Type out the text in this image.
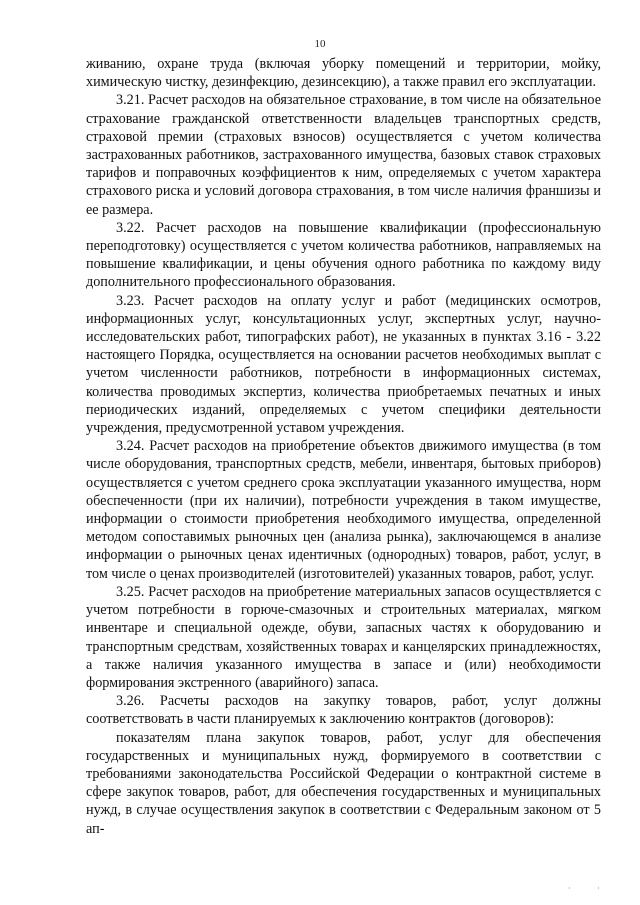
10

живанию, охране труда (включая уборку помещений и территории, мойку, химическую чистку, дезинфекцию, дезинсекцию), а также правил его эксплуатации.

3.21. Расчет расходов на обязательное страхование, в том числе на обязательное страхование гражданской ответственности владельцев транспортных средств, страховой премии (страховых взносов) осуществляется с учетом количества застрахованных работников, застрахованного имущества, базовых ставок страховых тарифов и поправочных коэффициентов к ним, определяемых с учетом характера страхового риска и условий договора страхования, в том числе наличия франшизы и ее размера.

3.22. Расчет расходов на повышение квалификации (профессиональную переподготовку) осуществляется с учетом количества работников, направляемых на повышение квалификации, и цены обучения одного работника по каждому виду дополнительного профессионального образования.

3.23. Расчет расходов на оплату услуг и работ (медицинских осмотров, информационных услуг, консультационных услуг, экспертных услуг, научно-исследовательских работ, типографских работ), не указанных в пунктах 3.16 - 3.22 настоящего Порядка, осуществляется на основании расчетов необходимых выплат с учетом численности работников, потребности в информационных системах, количества проводимых экспертиз, количества приобретаемых печатных и иных периодических изданий, определяемых с учетом специфики деятельности учреждения, предусмотренной уставом учреждения.

3.24. Расчет расходов на приобретение объектов движимого имущества (в том числе оборудования, транспортных средств, мебели, инвентаря, бытовых приборов) осуществляется с учетом среднего срока эксплуатации указанного имущества, норм обеспеченности (при их наличии), потребности учреждения в таком имуществе, информации о стоимости приобретения необходимого имущества, определенной методом сопоставимых рыночных цен (анализа рынка), заключающемся в анализе информации о рыночных ценах идентичных (однородных) товаров, работ, услуг, в том числе о ценах производителей (изготовителей) указанных товаров, работ, услуг.

3.25. Расчет расходов на приобретение материальных запасов осуществляется с учетом потребности в горюче-смазочных и строительных материалах, мягком инвентаре и специальной одежде, обуви, запасных частях к оборудованию и транспортным средствам, хозяйственных товарах и канцелярских принадлежностях, а также наличия указанного имущества в запасе и (или) необходимости формирования экстренного (аварийного) запаса.

3.26. Расчеты расходов на закупку товаров, работ, услуг должны соответствовать в части планируемых к заключению контрактов (договоров):

показателям плана закупок товаров, работ, услуг для обеспечения государственных и муниципальных нужд, формируемого в соответствии с требованиями законодательства Российской Федерации о контрактной системе в сфере закупок товаров, работ, для обеспечения государственных и муниципальных нужд, в случае осуществления закупок в соответствии с Федеральным законом от 5 ап-

· ·
